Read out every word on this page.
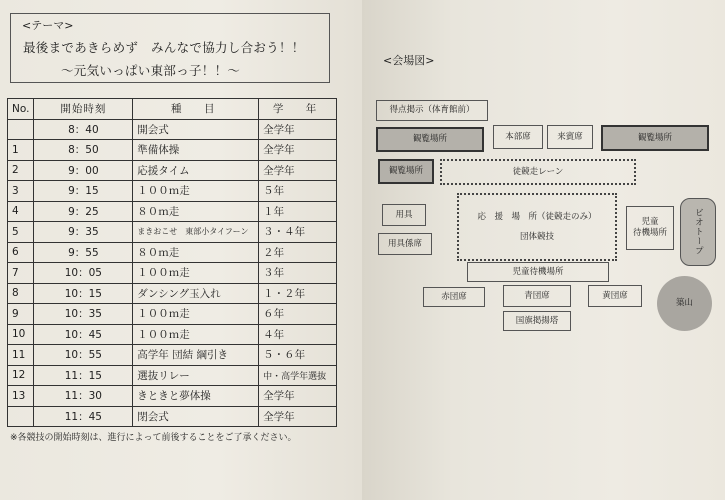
<テーマ>
最後まであきらめず　みんなで協力し合おう！！
～元気いっぱい東部っ子！！～
No.	開始時刻	種　目	学　年
	8：40	開会式	全学年
1	8：50	準備体操	全学年
2	9：00	応援タイム	全学年
3	9：15	１００ｍ走	５年
4	9：25	８０ｍ走	１年
5	9：35	まきおこせ　東部小タイフーン	３・４年
6	9：55	８０ｍ走	２年
7	10：05	１００ｍ走	３年
8	10：15	ダンシング玉入れ	１・２年
9	10：35	１００ｍ走	６年
10	10：45	１００ｍ走	４年
11	10：55	高学年 団結 綱引き	５・６年
12	11：15	選抜リレー	中・高学年選抜
13	11：30	きときと夢体操	全学年
	11：45	閉会式	全学年
※各競技の開始時刻は、進行によって前後することをご了承ください。
<会場図>
得点掲示（体育館前）
観覧場所	本部席	来賓席	観覧場所
観覧場所	徒競走レーン
用具
用具係席
応　援　場　所（徒競走のみ）
団体競技
児童
待機場所	ビオトープ
児童待機場所
赤団席	青団席	黄団席
国旗掲揚塔
築山
